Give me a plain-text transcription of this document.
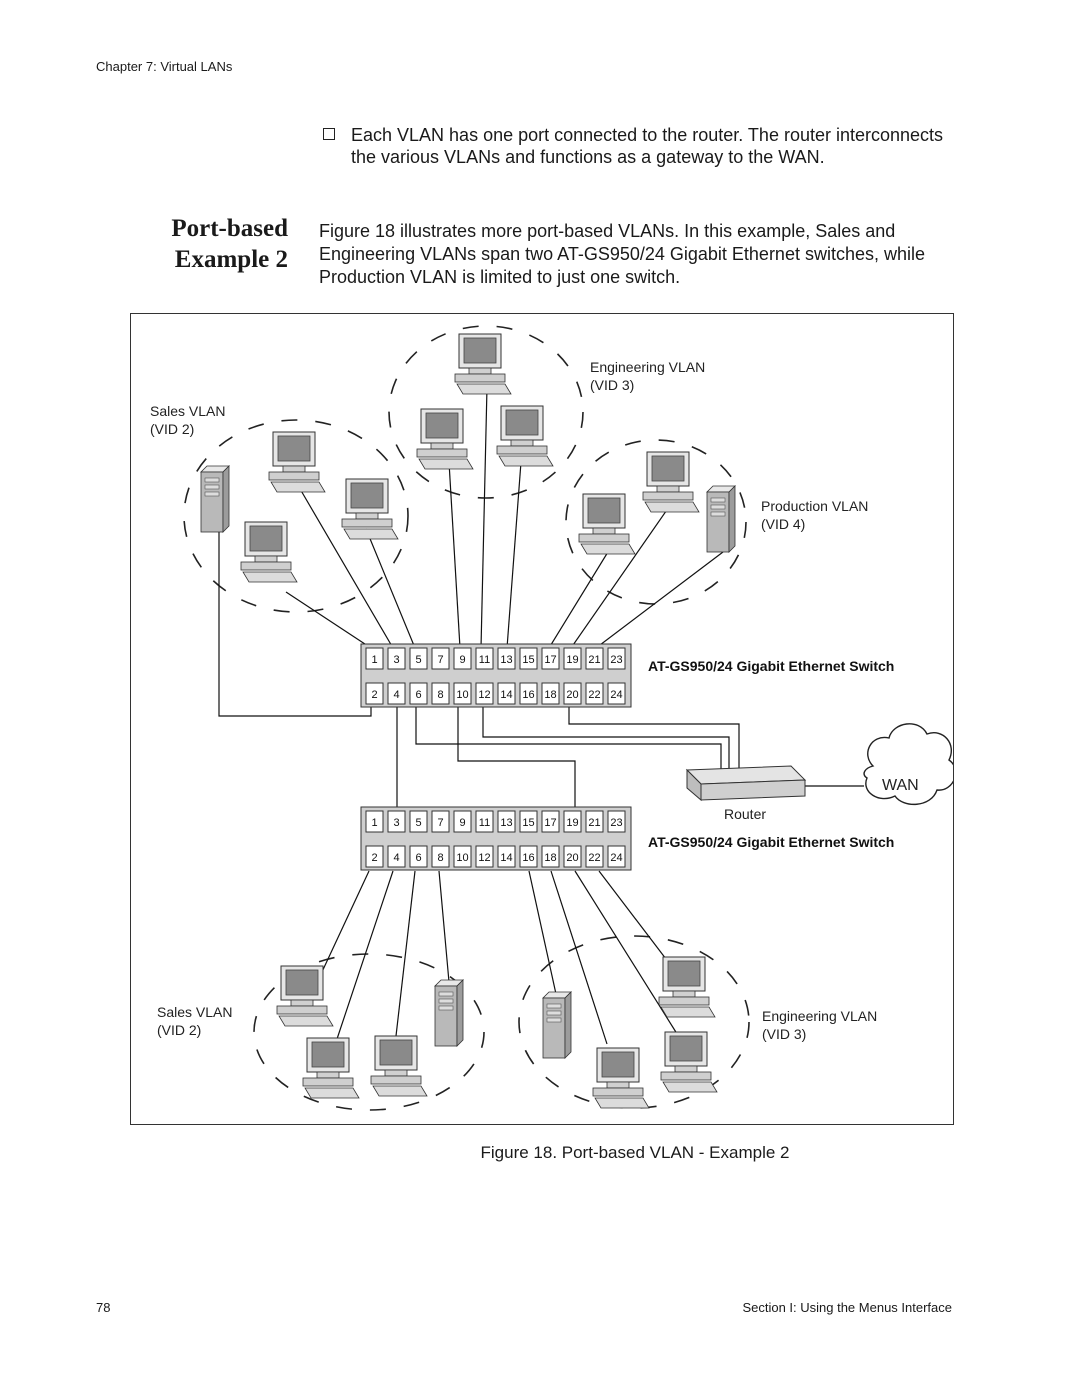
Chapter 7: Virtual LANs
Each VLAN has one port connected to the router. The router interconnects the various VLANs and functions as a gateway to the WAN.
Port-based
Example 2
Figure 18 illustrates more port-based VLANs. In this example, Sales and Engineering VLANs span two AT-GS950/24 Gigabit Ethernet switches, while Production VLAN is limited to just one switch.
1 3 5 7 9 11 13 15 17 19 21 23
2 4 6 8 10 12 14 16 18 20 22 24
1 3 5 7 9 11 13 15 17 19 21 23
2 4 6 8 10 12 14 16 18 20 22 24
Engineering VLAN
(VID 3)
Sales VLAN
(VID 2)
Production VLAN
(VID 4)
AT-GS950/24 Gigabit Ethernet Switch
Router
WAN
AT-GS950/24 Gigabit Ethernet Switch
Sales VLAN
(VID 2)
Engineering VLAN
(VID 3)
Figure 18. Port-based VLAN - Example 2
78	Section I: Using the Menus Interface
